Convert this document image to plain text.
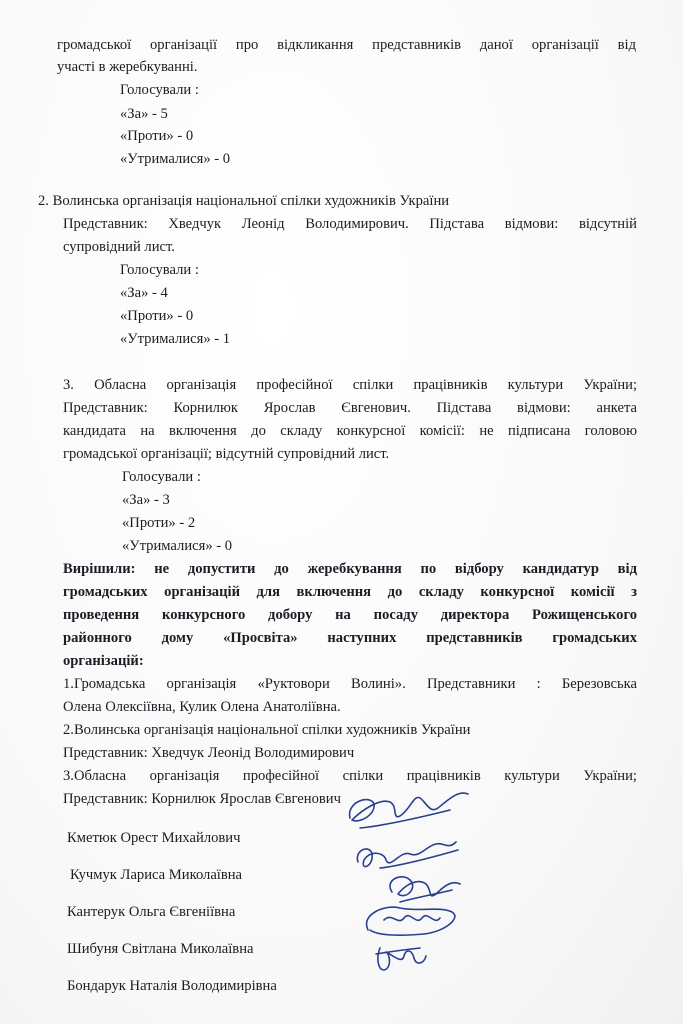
громадської організації про відкликання представників даної організації від
участі в жеребкуванні.
Голосували :
«За» - 5
«Проти» - 0
«Утрималися» - 0
2. Волинська організація національної спілки художників України
Представник: Хведчук Леонід Володимирович. Підстава відмови: відсутній
супровідний лист.
Голосували :
«За» - 4
«Проти» - 0
«Утрималися» - 1
3. Обласна організація професійної спілки працівників культури України;
Представник: Корнилюк Ярослав Євгенович. Підстава відмови: анкета
кандидата на включення до складу конкурсної комісії: не підписана головою
громадської організації; відсутній супровідний лист.
Голосували :
«За» - 3
«Проти» - 2
«Утрималися» - 0
Вирішили: не допустити до жеребкування по відбору кандидатур від
громадських організацій для включення до складу конкурсної комісії з
проведення конкурсного добору на посаду директора Рожищенського
районного дому «Просвіта» наступних представників громадських
організацій:
1.Громадська організація «Руктовори Волині». Представники : Березовська
Олена Олексіївна, Кулик Олена Анатоліївна.
2.Волинська організація національної спілки художників України
Представник: Хведчук Леонід Володимирович
3.Обласна організація професійної спілки працівників культури України;
Представник: Корнилюк Ярослав Євгенович
Кметюк Орест Михайлович
Кучмук Лариса Миколаївна
Кантерук Ольга Євгеніївна
Шибуня Світлана Миколаївна
Бондарук Наталія Володимирівна
